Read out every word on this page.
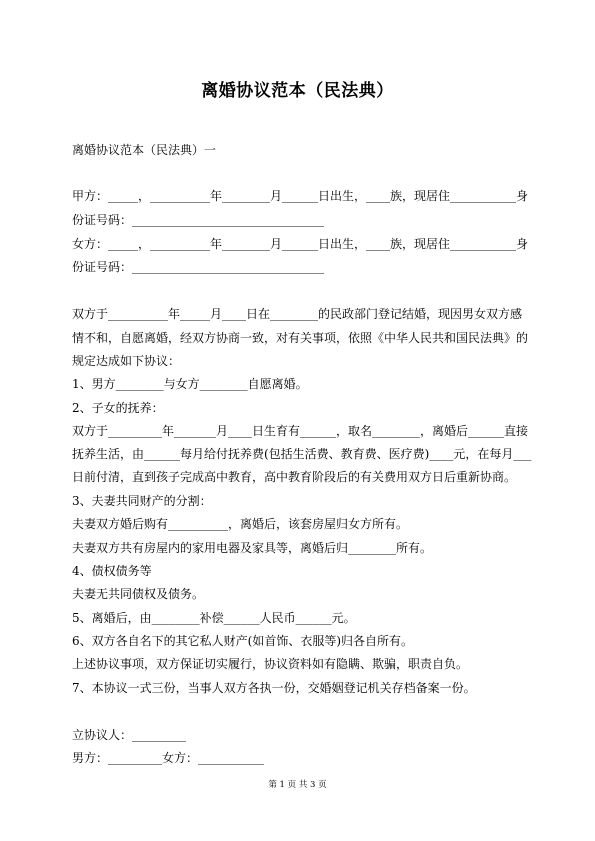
离婚协议范本（民法典）
离婚协议范本（民法典）一
甲方：_____，__________年________月______日出生，____族，现居住___________身
份证号码：________________________________
女方：_____，__________年________月______日出生，____族，现居住___________身
份证号码：________________________________
双方于__________年_____月____日在________的民政部门登记结婚，现因男女双方感
情不和，自愿离婚，经双方协商一致，对有关事项，依照《中华人民共和国民法典》的
规定达成如下协议：
1、男方________与女方________自愿离婚。
2、子女的抚养：
双方于_________年_______月____日生育有______，取名________，离婚后______直接
抚养生活，由______每月给付抚养费(包括生活费、教育费、医疗费)____元，在每月___
日前付清，直到孩子完成高中教育，高中教育阶段后的有关费用双方日后重新协商。
3、夫妻共同财产的分割：
夫妻双方婚后购有__________，离婚后，该套房屋归女方所有。
夫妻双方共有房屋内的家用电器及家具等，离婚后归________所有。
4、债权债务等
夫妻无共同债权及债务。
5、离婚后，由________补偿______人民币______元。
6、双方各自名下的其它私人财产(如首饰、衣服等)归各自所有。
上述协议事项，双方保证切实履行，协议资料如有隐瞒、欺骗，职责自负。
7、本协议一式三份，当事人双方各执一份，交婚姻登记机关存档备案一份。
立协议人：_________
男方：_________女方：___________
第 1 页 共 3 页
